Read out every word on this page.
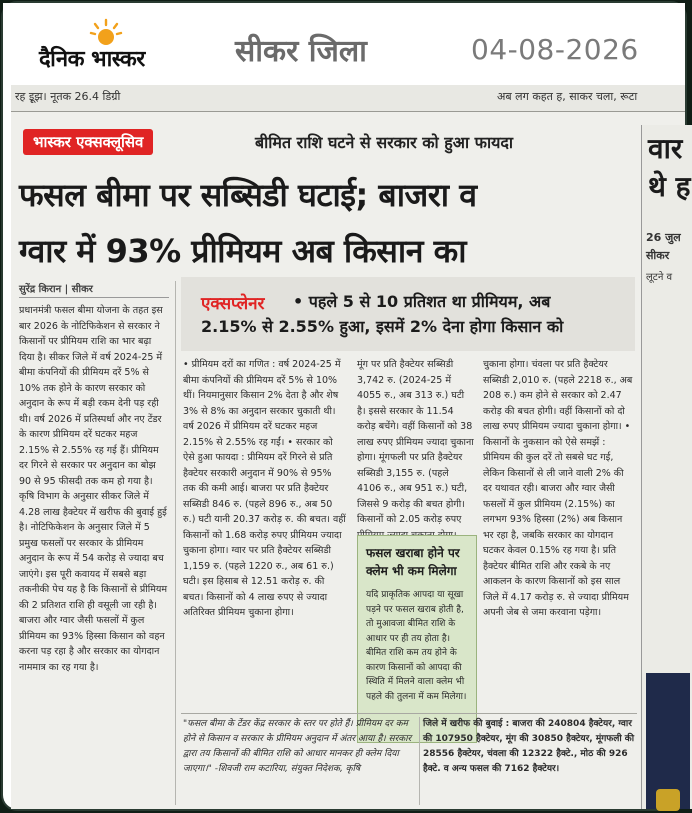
दैनिक भास्कर	सीकर जिला	04-08-2026
रह इूझ। नूतक 26.4 डिग्री	अब लग कहत ह, साकर चला, रूटा
भास्कर एक्सक्लूसिव	बीमित राशि घटने से सरकार को हुआ फायदा
फसल बीमा पर सब्सिडी घटाई; बाजरा व
ग्वार में 93% प्रीमियम अब किसान का
सुरेंद्र किरान | सीकर
प्रधानमंत्री फसल बीमा योजना के तहत इस बार 2026 के नोटिफिकेशन से सरकार ने किसानों पर प्रीमियम राशि का भार बढ़ा दिया है। सीकर जिले में वर्ष 2024-25 में बीमा कंपनियों की प्रीमियम दरें 5% से 10% तक होने के कारण सरकार को अनुदान के रूप में बड़ी रकम देनी पड़ रही थी। वर्ष 2026 में प्रतिस्पर्धा और नए टेंडर के कारण प्रीमियम दरें घटकर महज 2.15% से 2.55% रह गई हैं। प्रीमियम दर गिरने से सरकार पर अनुदान का बोझ 90 से 95 फीसदी तक कम हो गया है। कृषि विभाग के अनुसार सीकर जिले में 4.28 लाख हैक्टेयर में खरीफ की बुवाई हुई है। नोटिफिकेशन के अनुसार जिले में 5 प्रमुख फसलों पर सरकार के प्रीमियम अनुदान के रूप में 54 करोड़ से ज्यादा बच जाएंगे। इस पूरी कवायद में सबसे बड़ा तकनीकी पेच यह है कि किसानों से प्रीमियम की 2 प्रतिशत राशि ही वसूली जा रही है। बाजरा और ग्वार जैसी फसलों में कुल प्रीमियम का 93% हिस्सा किसान को वहन करना पड़ रहा है और सरकार का योगदान नाममात्र का रह गया है।
एक्सप्लेनर • पहले 5 से 10 प्रतिशत था प्रीमियम, अब
2.15% से 2.55% हुआ, इसमें 2% देना होगा किसान को
• प्रीमियम दरों का गणित : वर्ष 2024-25 में बीमा कंपनियों की प्रीमियम दरें 5% से 10% थीं। नियमानुसार किसान 2% देता है और शेष 3% से 8% का अनुदान सरकार चुकाती थी। वर्ष 2026 में प्रीमियम दरें घटकर महज 2.15% से 2.55% रह गईं। • सरकार को ऐसे हुआ फायदा : प्रीमियम दरें गिरने से प्रति हैक्टेयर सरकारी अनुदान में 90% से 95% तक की कमी आई। बाजरा पर प्रति हैक्टेयर सब्सिडी 846 रु. (पहले 896 रु., अब 50 रु.) घटी यानी 20.37 करोड़ रु. की बचत। वहीं किसानों को 1.68 करोड़ रुपए प्रीमियम ज्यादा चुकाना होगा। ग्वार पर प्रति हैक्टेयर सब्सिडी 1,159 रु. (पहले 1220 रु., अब 61 रु.) घटी। इस हिसाब से 12.51 करोड़ रु. की बचत। किसानों को 4 लाख रुपए से ज्यादा अतिरिक्त प्रीमियम चुकाना होगा।
मूंग पर प्रति हैक्टेयर सब्सिडी 3,742 रु. (2024-25 में 4055 रु., अब 313 रु.) घटी है। इससे सरकार के 11.54 करोड़ बचेंगे। वहीं किसानों को 38 लाख रुपए प्रीमियम ज्यादा चुकाना होगा। मूंगफली पर प्रति हैक्टेयर सब्सिडी 3,155 रु. (पहले 4106 रु., अब 951 रु.) घटी, जिससे 9 करोड़ की बचत होगी। किसानों को 2.05 करोड़ रुपए
चुकाना होगा। चंवला पर प्रति हैक्टेयर सब्सिडी 2,010 रु. (पहले 2218 रु., अब 208 रु.) कम होने से सरकार को 2.47 करोड़ की बचत होगी। वहीं किसानों को दो लाख रुपए प्रीमियम ज्यादा चुकाना होगा। • किसानों के नुकसान को ऐसे समझें : प्रीमियम की कुल दरें तो सबसे घट गई, लेकिन किसानों से ली जाने वाली 2% की दर यथावत रही। बाजरा और ग्वार जैसी फसलों में कुल प्रीमियम (2.15%) का लगभग 93% हिस्सा (2%) अब किसान भर रहा है, जबकि सरकार का योगदान घटकर केवल 0.15% रह गया है। प्रति हैक्टेयर बीमित राशि और रकबे के नए आकलन के कारण किसानों को इस साल जिले में 4.17 करोड़ रु. से ज्यादा प्रीमियम अपनी जेब से जमा करवाना पड़ेगा।
फसल खराबा होने पर क्लेम भी कम मिलेगा
यदि प्राकृतिक आपदा या सूखा पड़ने पर फसल खराब होती है, तो मुआवजा बीमित राशि के आधार पर ही तय होता है। बीमित राशि कम तय होने के कारण किसानों को आपदा की स्थिति में मिलने वाला क्लेम भी पहले की तुलना में कम मिलेगा।
"फसल बीमा के टेंडर केंद्र सरकार के स्तर पर होते हैं। प्रीमियम दर कम होने से किसान व सरकार के प्रीमियम अनुदान में अंतर आया है। सरकार द्वारा तय किसानों की बीमित राशि को आधार मानकर ही क्लेम दिया जाएगा।" -शिवजी राम कटारिया, संयुक्त निदेशक, कृषि
जिले में खरीफ की बुवाई : बाजरा की 240804 हैक्टेयर, ग्वार की 107950 हैक्टेयर, मूंग की 30850 हैक्टेयर, मूंगफली की 28556 हैक्टेयर, चंवला की 12322 हैक्टे., मोठ की 926 हैक्टे. व अन्य फसल की 7162 हैक्टेयर।
वार
थे ह
26 जुल
सीकर
लूटने व
